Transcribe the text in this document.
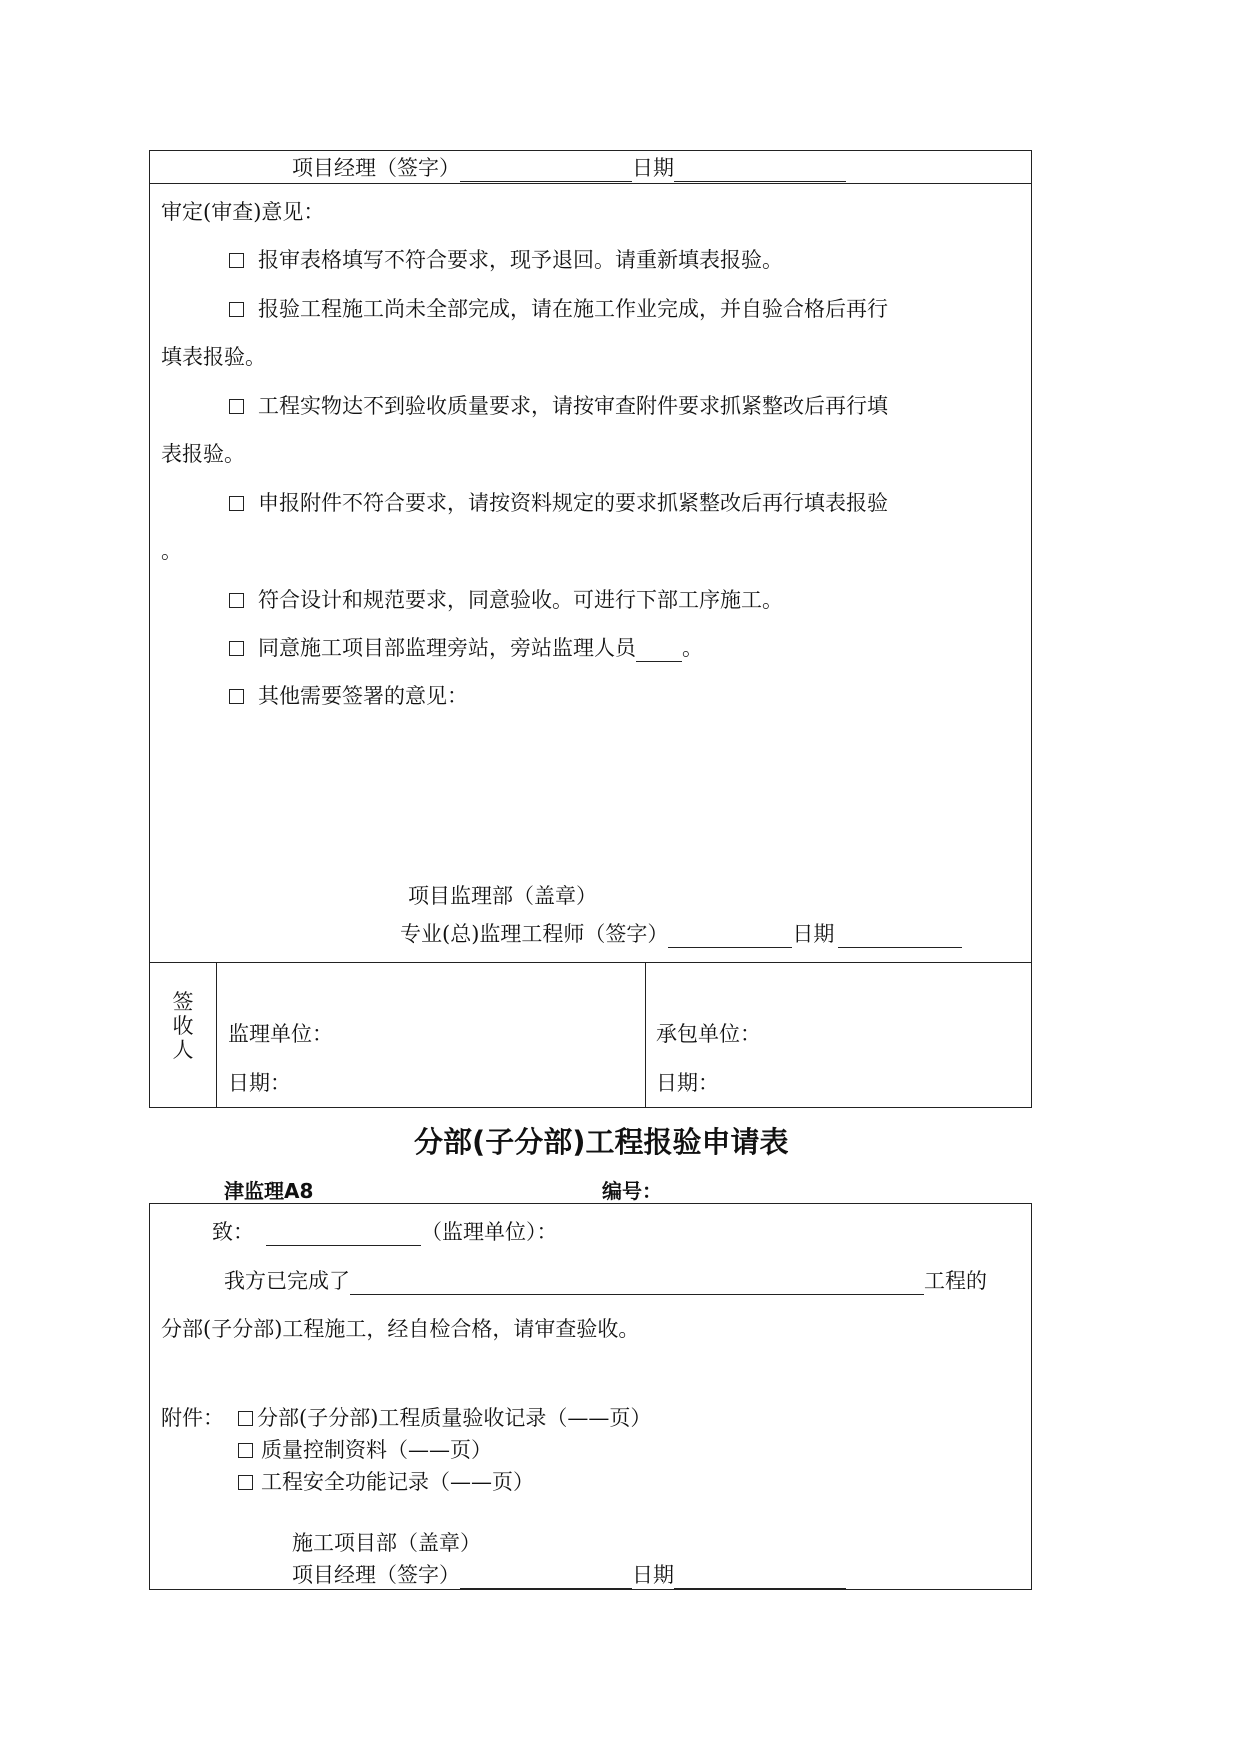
项目经理（签字）	日期
审定(审查)意见：
报审表格填写不符合要求，现予退回。请重新填表报验。
报验工程施工尚未全部完成，请在施工作业完成，并自验合格后再行
填表报验。
工程实物达不到验收质量要求，请按审查附件要求抓紧整改后再行填
表报验。
申报附件不符合要求，请按资料规定的要求抓紧整改后再行填表报验
。
符合设计和规范要求，同意验收。可进行下部工序施工。
同意施工项目部监理旁站，旁站监理人员 。
其他需要签署的意见：
项目监理部（盖章）
专业(总)监理工程师（签字）	日期
签
收
人
监理单位：
日期：
承包单位：
日期：
分部(子分部)工程报验申请表
津监理A8	编号：
致：	（监理单位）：
我方已完成了	工程的
分部(子分部)工程施工，经自检合格，请审查验收。
附件：	分部(子分部)工程质量验收记录（——页）
质量控制资料（——页）
工程安全功能记录（——页）
施工项目部（盖章）
项目经理（签字）	日期
